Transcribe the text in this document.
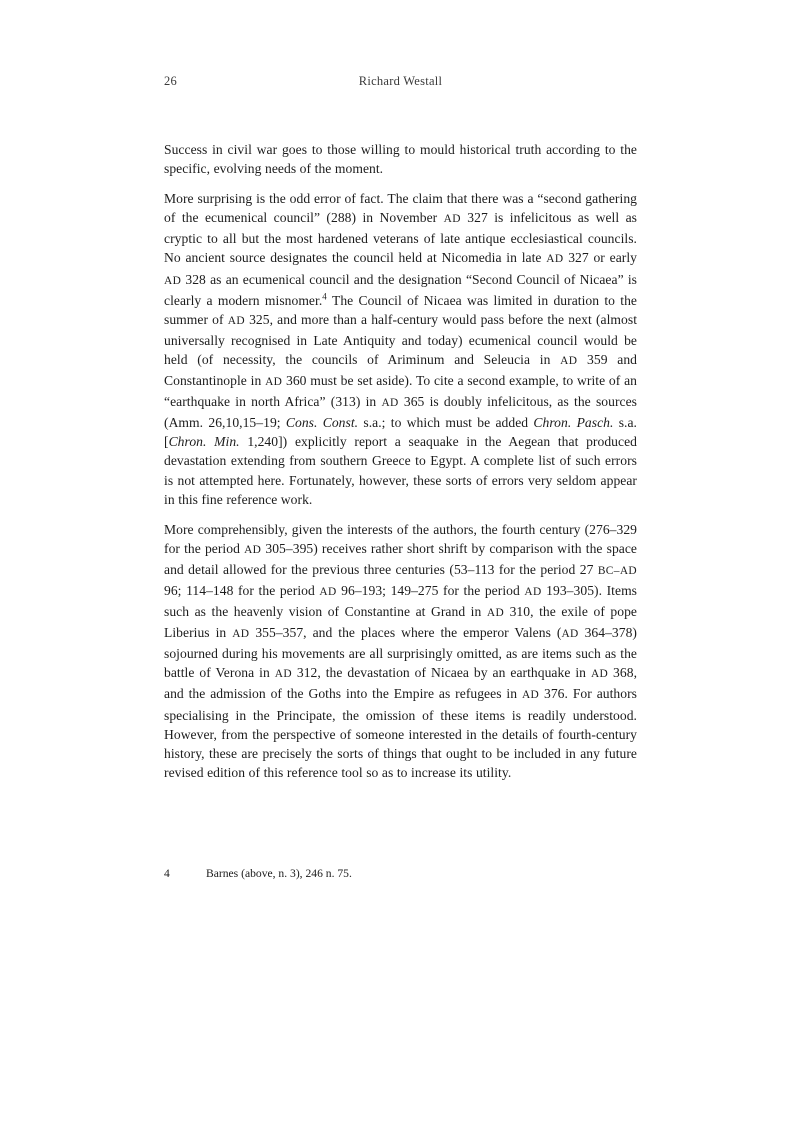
26	Richard Westall

Success in civil war goes to those willing to mould historical truth according to the specific, evolving needs of the moment.

More surprising is the odd error of fact. The claim that there was a “second gathering of the ecumenical council” (288) in November AD 327 is infelicitous as well as cryptic to all but the most hardened veterans of late antique ecclesiastical councils. No ancient source designates the council held at Nicomedia in late AD 327 or early AD 328 as an ecumenical council and the designation “Second Council of Nicaea” is clearly a modern misnomer.$^4$ The Council of Nicaea was limited in duration to the summer of AD 325, and more than a half-century would pass before the next (almost universally recognised in Late Antiquity and today) ecumenical council would be held (of necessity, the councils of Ariminum and Seleucia in AD 359 and Constantinople in AD 360 must be set aside). To cite a second example, to write of an “earthquake in north Africa” (313) in AD 365 is doubly infelicitous, as the sources (Amm. 26,10,15–19; Cons. Const. s.a.; to which must be added Chron. Pasch. s.a. [Chron. Min. 1,240]) explicitly report a seaquake in the Aegean that produced devastation extending from southern Greece to Egypt. A complete list of such errors is not attempted here. Fortunately, however, these sorts of errors very seldom appear in this fine reference work.

More comprehensibly, given the interests of the authors, the fourth century (276–329 for the period AD 305–395) receives rather short shrift by comparison with the space and detail allowed for the previous three centuries (53–113 for the period 27 BC–AD 96; 114–148 for the period AD 96–193; 149–275 for the period AD 193–305). Items such as the heavenly vision of Constantine at Grand in AD 310, the exile of pope Liberius in AD 355–357, and the places where the emperor Valens (AD 364–378) sojourned during his movements are all surprisingly omitted, as are items such as the battle of Verona in AD 312, the devastation of Nicaea by an earthquake in AD 368, and the admission of the Goths into the Empire as refugees in AD 376. For authors specialising in the Principate, the omission of these items is readily understood. However, from the perspective of someone interested in the details of fourth-century history, these are precisely the sorts of things that ought to be included in any future revised edition of this reference tool so as to increase its utility.

4	Barnes (above, n. 3), 246 n. 75.
